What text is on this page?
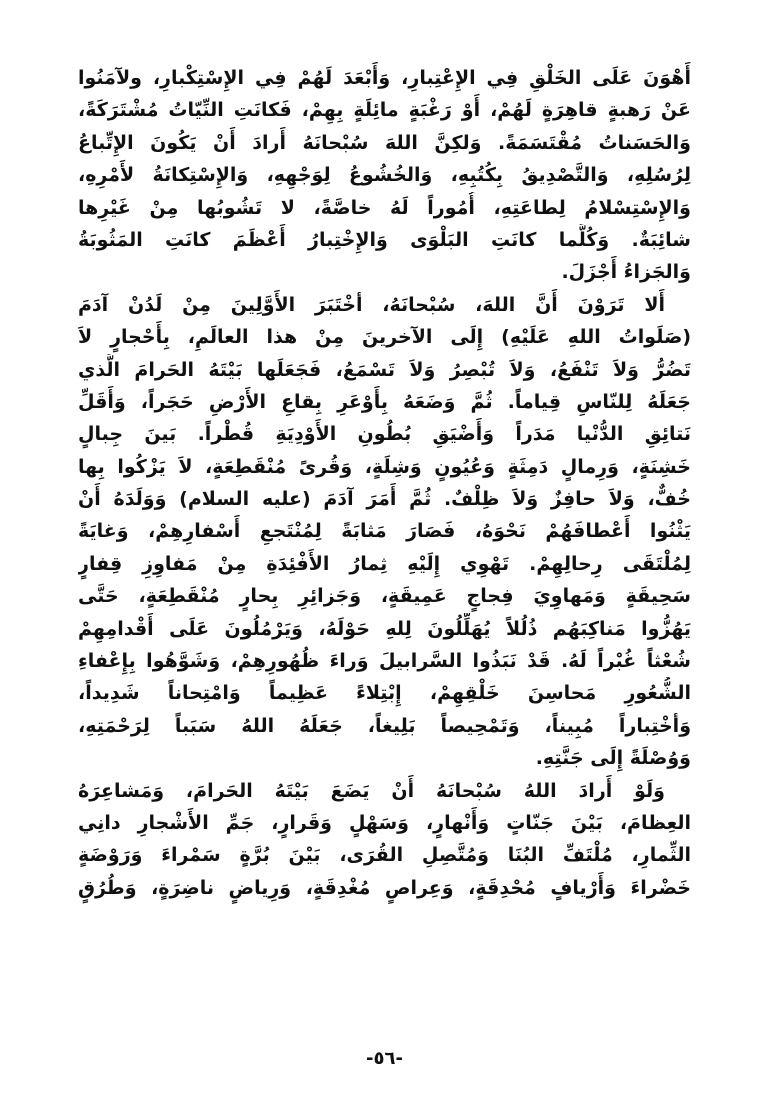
أَهْوَنَ عَلَى الخَلْقِ فِي الإِعْتِبارِ، وَأَبْعَدَ لَهُمْ فِي الإِسْتِكْبارِ، ولآمَنُوا
عَنْ رَهبةٍ قاهِرَةٍ لَهُمْ، أَوْ رَغْبَةٍ مائِلَةٍ بِهِمْ، فَكانَتِ النِّيّاتُ مُشْتَرَكَةً،
وَالحَسَناتُ مُقْتَسَمَةً. وَلكِنَّ اللهَ سُبْحانَهُ أَرادَ أَنْ يَكُونَ الإِتِّباعُ
لِرُسُلِهِ، وَالتَّصْدِيقُ بِكُتُبِهِ، وَالخُشُوعُ لِوَجْهِهِ، وَالإِسْتِكانَةُ لأَمْرِهِ،
وَالإِسْتِسْلامُ لِطاعَتِهِ، أُمُوراً لَهُ خاصَّةً، لا تَشُوبُها مِنْ غَيْرِها
شائِبَةٌ. وَكُلَّما كانَتِ البَلْوَى وَالإِخْتِبارُ أَعْظَمَ كانَتِ المَثُوبَةُ
وَالجَزاءُ أَجْزَلَ.
أَلا تَرَوْنَ أَنَّ اللهَ، سُبْحانَهُ، أخْتَبَرَ الأَوَّلِينَ مِنْ لَدُنْ آدَمَ
(صَلَواتُ اللهِ عَلَيْهِ) إِلَى الآخرينَ مِنْ هذا العالَمِ، بِأَحْجارٍ لاَ
تَضُرُّ وَلاَ تَنْفَعُ، وَلاَ تُبْصِرُ وَلاَ تَسْمَعُ، فَجَعَلَها بَيْتَهُ الحَرامَ الَّذي
جَعَلَهُ لِلنّاسِ قِياماً. ثُمَّ وَضَعَهُ بِأَوْعَرِ بِقاعِ الأَرْضِ حَجَراً، وَأَقَلِّ
نَتائِقِ الدُّنْيا مَدَراً وَأَضْيَقِ بُطُونِ الأَوْدِيَةِ قُطْراً. بَينَ جِبالٍ
خَشِنَةٍ، وَرِمالٍ دَمِثَةٍ وَعُيُونٍ وَشِلَةٍ، وَقُرىً مُنْقَطِعَةٍ، لاَ يَزْكُوا بِها
خُفٌّ، وَلاَ حافِزٌ وَلاَ ظِلْفٌ. ثُمَّ أَمَرَ آدَمَ (عليه السلام) وَوَلَدَهُ أَنْ
يَثْنُوا أَعْطافَهُمْ نَحْوَهُ، فَصَارَ مَثابَةً لِمُنْتَجعِ أَسْفارِهِمْ، وَغايَةً
لِمُلْتَقَى رِحالِهِمْ. تَهْوِي إِلَيْهِ ثِمارُ الأَفْئِدَةِ مِنْ مَفاوِزِ قِفارٍ
سَحِيقَةٍ وَمَهاوِيَ فِجاجٍ عَمِيقَةٍ، وَجَزائِرِ بِحارٍ مُنْقَطِعَةٍ، حَتَّى
يَهُزُّوا مَناكِبَهُم ذُلُلاً يُهَلِّلُونَ لِلهِ حَوْلَهُ، وَيَرْمُلُونَ عَلَى أَقْدامِهِمْ
شُعْثاً غُبْراً لَهُ. قَدْ نَبَذُوا السَّرابيلَ وَراءَ ظُهُورِهِمْ، وَشَوَّهُوا بِإِعْفاءِ
الشُّعُورِ مَحاسِنَ خَلْقِهِمْ، إِبْتِلاءً عَظِيماً وَامْتِحاناً شَدِيداً،
وَأخْتِباراً مُبِيناً، وَتَمْحِيصاً بَلِيغاً، جَعَلَهُ اللهُ سَبَباً لِرَحْمَتِهِ،
وَوُصْلَةً إِلَى جَنَّتِهِ.
وَلَوْ أَرادَ اللهُ سُبْحانَهُ أَنْ يَضَعَ بَيْتَهُ الحَرامَ، وَمَشاعِرَهُ
العِظامَ، بَيْنَ جَنّاتٍ وَأَنْهارٍ، وَسَهْلٍ وَقَرارٍ، جَمِّ الأَشْجارِ دانِي
الثِّمارِ، مُلْتَفِّ البُنَا وَمُتَّصِلِ القُرَى، بَيْنَ بُرَّةٍ سَمْراءَ وَرَوْضَةٍ
خَضْراءَ وَأَرْيافٍ مُحْدِقَةٍ، وَعِراصٍ مُغْدِقَةٍ، وَرِياضٍ ناضِرَةٍ، وَطُرُقٍ
-٥٦-
